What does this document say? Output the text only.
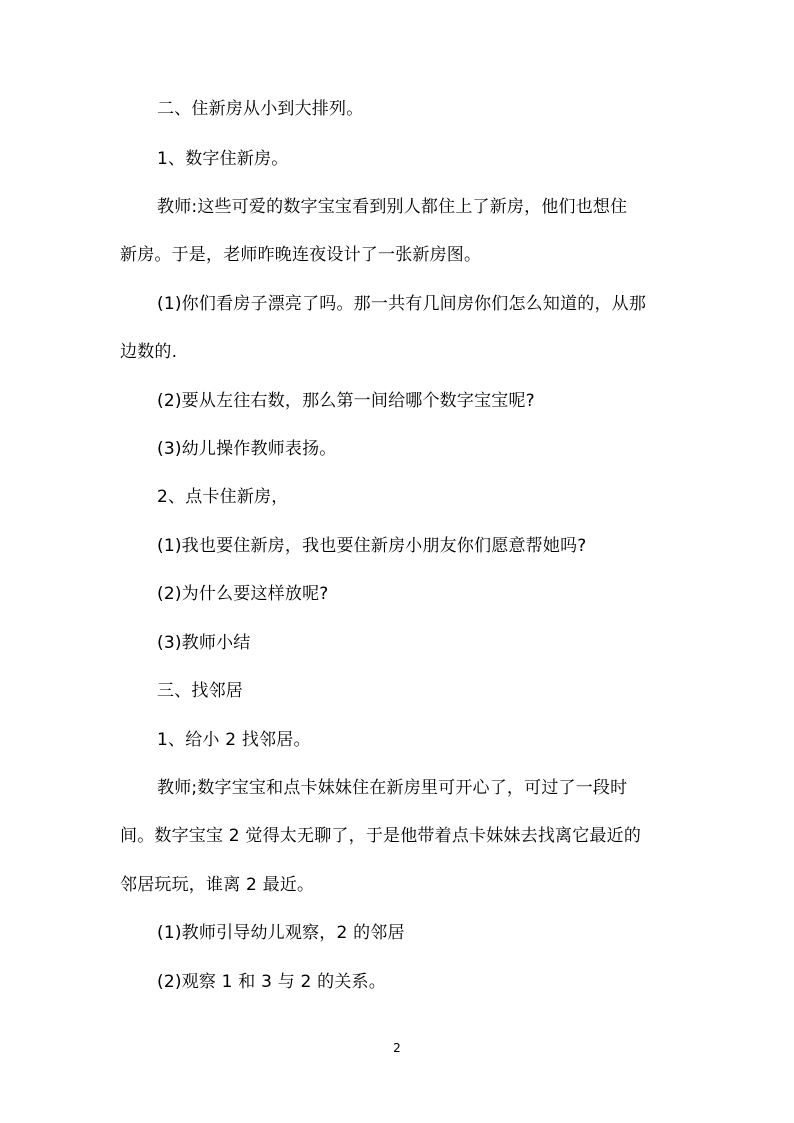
二、住新房从小到大排列。
1、数字住新房。
教师:这些可爱的数字宝宝看到别人都住上了新房，他们也想住
新房。于是，老师昨晚连夜设计了一张新房图。
(1)你们看房子漂亮了吗。那一共有几间房你们怎么知道的，从那
边数的.
(2)要从左往右数，那么第一间给哪个数字宝宝呢?
(3)幼儿操作教师表扬。
2、点卡住新房，
(1)我也要住新房，我也要住新房小朋友你们愿意帮她吗?
(2)为什么要这样放呢?
(3)教师小结
三、找邻居
1、给小 2 找邻居。
教师;数字宝宝和点卡妹妹住在新房里可开心了，可过了一段时
间。数字宝宝 2 觉得太无聊了，于是他带着点卡妹妹去找离它最近的
邻居玩玩，谁离 2 最近。
(1)教师引导幼儿观察，2 的邻居
(2)观察 1 和 3 与 2 的关系。
2
